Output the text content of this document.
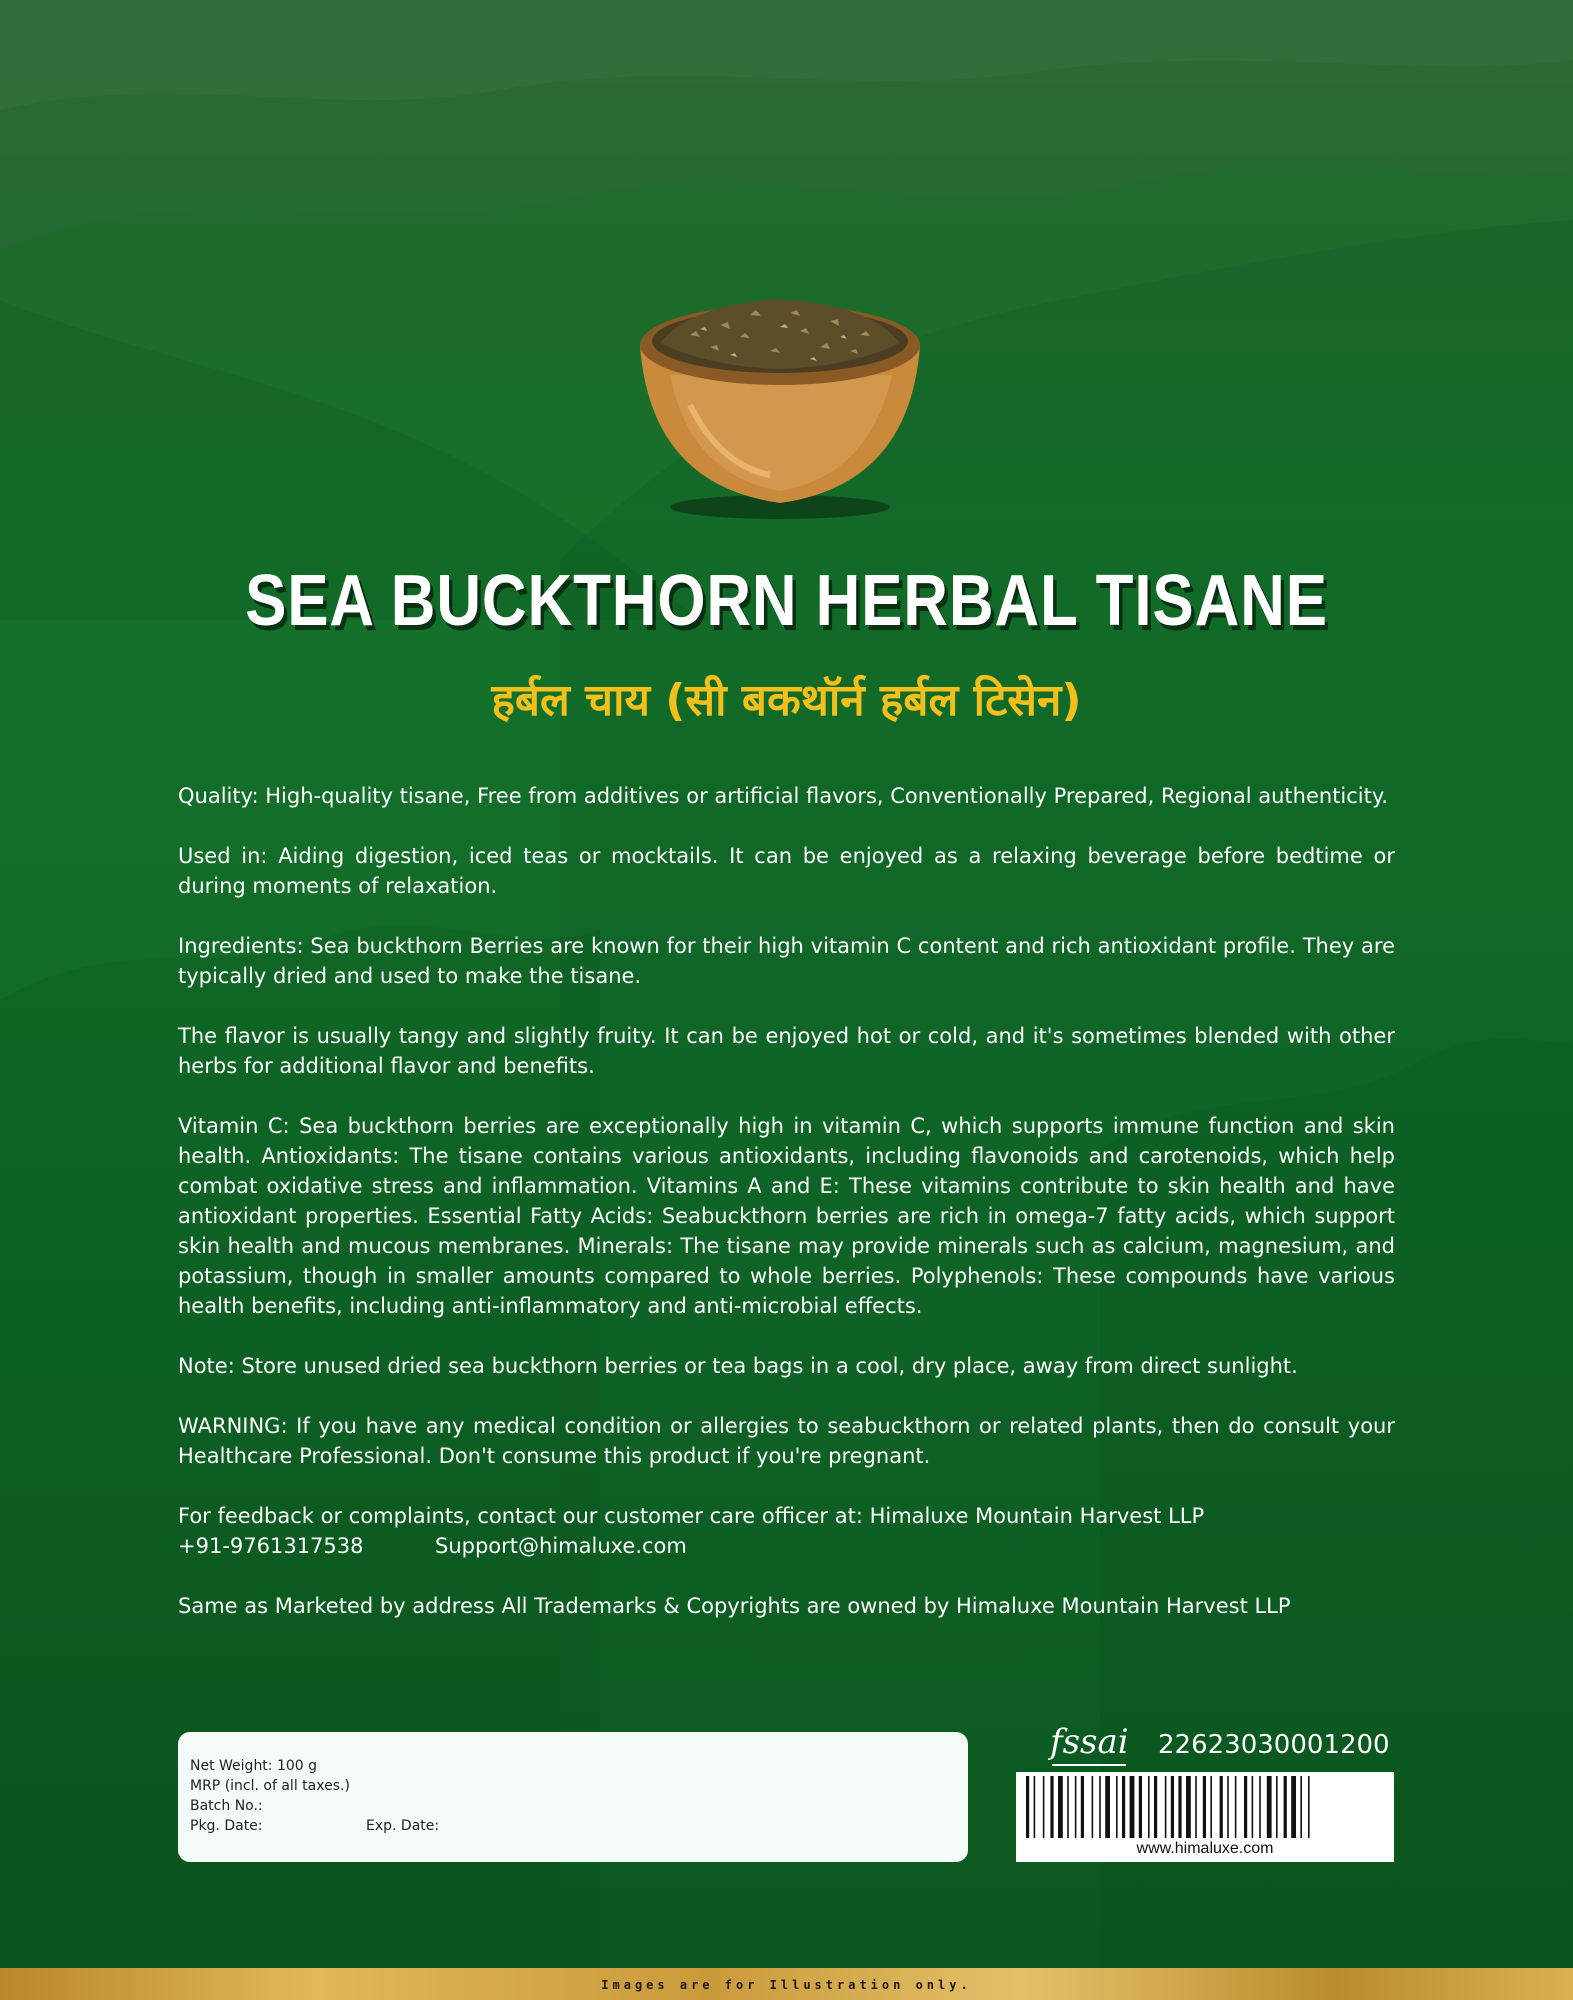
SEA BUCKTHORN HERBAL TISANE
हर्बल चाय (सी बकथॉर्न हर्बल टिसेन)

Quality: High-quality tisane, Free from additives or artificial flavors, Conventionally Prepared, Regional authenticity.

Used in: Aiding digestion, iced teas or mocktails. It can be enjoyed as a relaxing beverage before bedtime or during moments of relaxation.

Ingredients: Sea buckthorn Berries are known for their high vitamin C content and rich antioxidant profile. They are typically dried and used to make the tisane.

The flavor is usually tangy and slightly fruity. It can be enjoyed hot or cold, and it's sometimes blended with other herbs for additional flavor and benefits.

Vitamin C: Sea buckthorn berries are exceptionally high in vitamin C, which supports immune function and skin health. Antioxidants: The tisane contains various antioxidants, including flavonoids and carotenoids, which help combat oxidative stress and inflammation. Vitamins A and E: These vitamins contribute to skin health and have antioxidant properties. Essential Fatty Acids: Seabuckthorn berries are rich in omega-7 fatty acids, which support skin health and mucous membranes. Minerals: The tisane may provide minerals such as calcium, magnesium, and potassium, though in smaller amounts compared to whole berries. Polyphenols: These compounds have various health benefits, including anti-inflammatory and anti-microbial effects.

Note: Store unused dried sea buckthorn berries or tea bags in a cool, dry place, away from direct sunlight.

WARNING: If you have any medical condition or allergies to seabuckthorn or related plants, then do consult your Healthcare Professional. Don't consume this product if you're pregnant.

For feedback or complaints, contact our customer care officer at: Himaluxe Mountain Harvest LLP

+91-9761317538	Support@himaluxe.com

Same as Marketed by address All Trademarks & Copyrights are owned by Himaluxe Mountain Harvest LLP

Net Weight: 100 g
MRP (incl. of all taxes.)
Batch No.:
Pkg. Date:	Exp. Date:
fssai 22623030001200
www.himaluxe.com
Images are for Illustration only.
